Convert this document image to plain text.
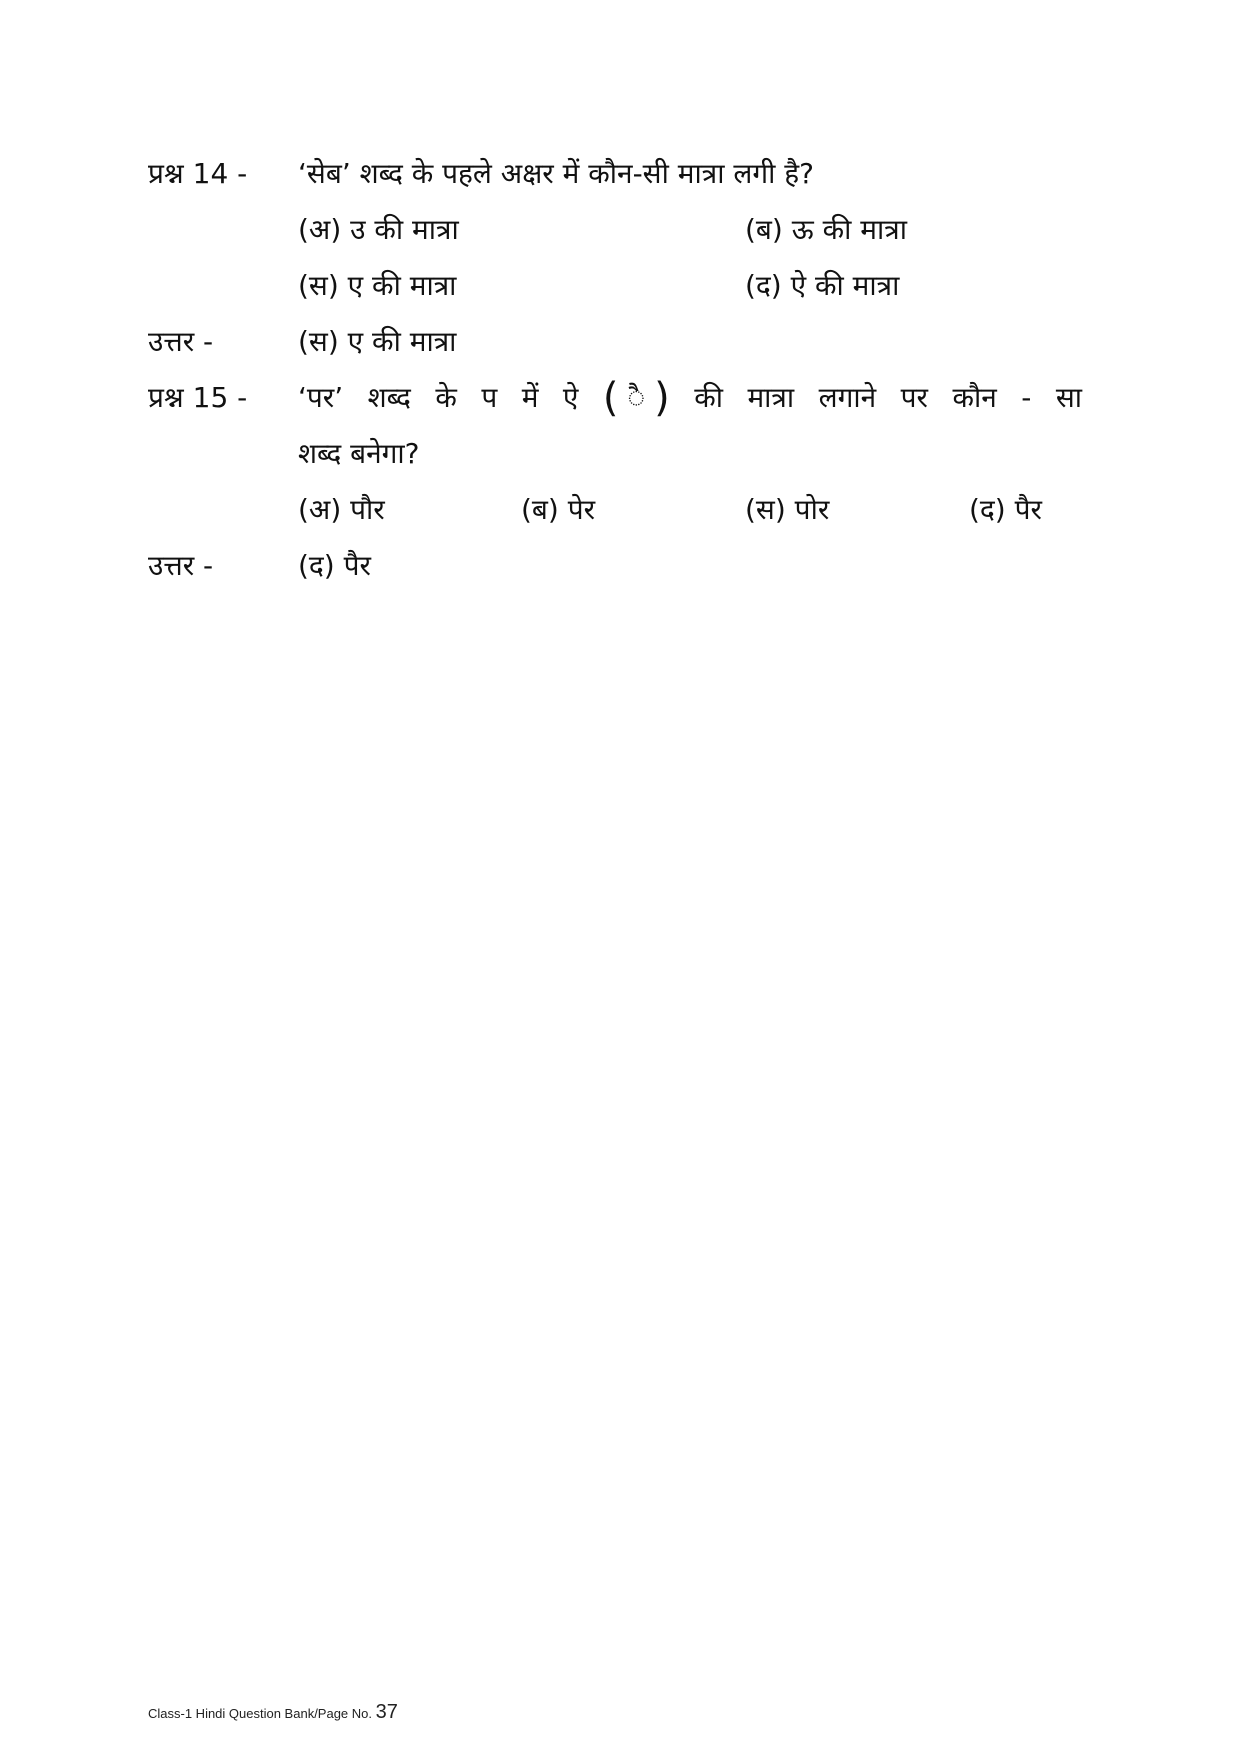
प्रश्न 14 - ‘सेब’ शब्द के पहले अक्षर में कौन-सी मात्रा लगी है?
(अ) उ की मात्रा	(ब) ऊ की मात्रा
(स) ए की मात्रा	(द) ऐ की मात्रा
उत्तर -	(स) ए की मात्रा
प्रश्न 15 - ‘पर’ शब्द के प में ऐ ( ै ) की मात्रा लगाने पर कौन - सा
शब्द बनेगा?
(अ) पौर	(ब) पेर	(स) पोर	(द) पैर
उत्तर -	(द) पैर
Class-1 Hindi Question Bank/Page No. 37
